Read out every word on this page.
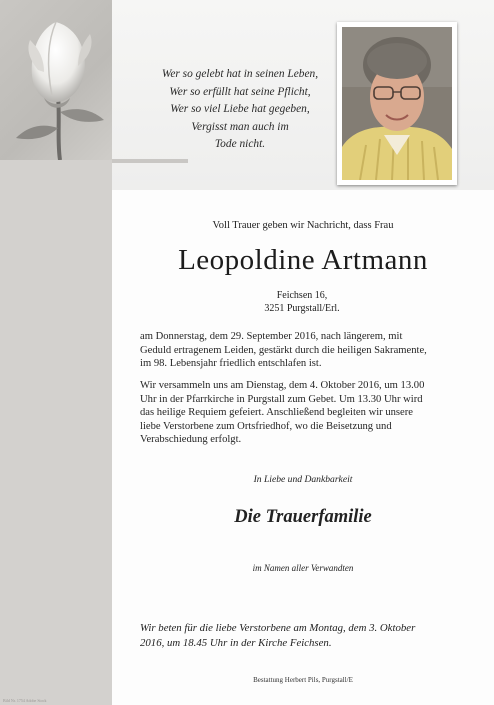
Wer so gelebt hat in seinen Leben,
Wer so erfüllt hat seine Pflicht,
Wer so viel Liebe hat gegeben,
Vergisst man auch im
Tode nicht.
Voll Trauer geben wir Nachricht, dass Frau
Leopoldine Artmann
Feichsen 16,
3251 Purgstall/Erl.
am Donnerstag, dem 29. September 2016, nach längerem, mit
Geduld ertragenem Leiden, gestärkt durch die heiligen Sakramente,
im 98. Lebensjahr friedlich entschlafen ist.
Wir versammeln uns am Dienstag, dem 4. Oktober 2016, um 13.00
Uhr in der Pfarrkirche in Purgstall zum Gebet. Um 13.30 Uhr wird
das heilige Requiem gefeiert. Anschließend begleiten wir unsere
liebe Verstorbene zum Ortsfriedhof, wo die Beisetzung und
Verabschiedung erfolgt.
In Liebe und Dankbarkeit
Die Trauerfamilie
im Namen aller Verwandten
Wir beten für die liebe Verstorbene am Montag, dem 3. Oktober
2016, um 18.45 Uhr in der Kirche Feichsen.
Bestattung Herbert Pils, Purgstall/E
Bild Nr. 1754 Adobe Stock
